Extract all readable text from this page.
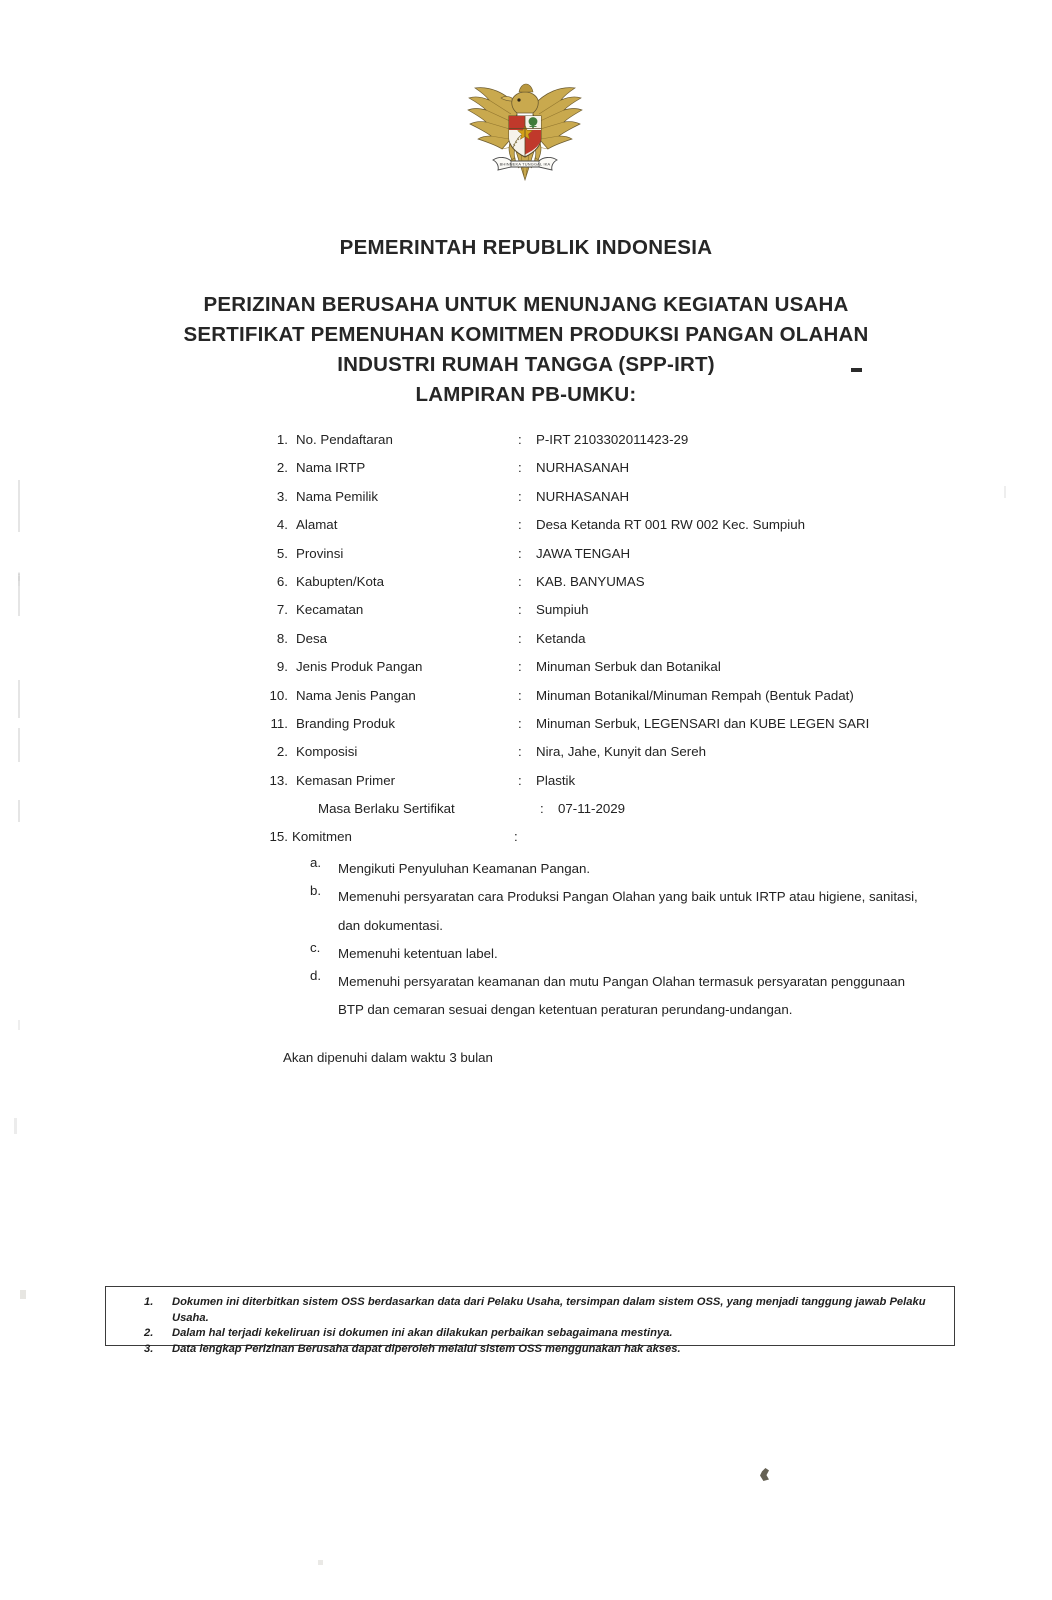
BHINNEKA TUNGGAL IKA
PEMERINTAH REPUBLIK INDONESIA
PERIZINAN BERUSAHA UNTUK MENUNJANG KEGIATAN USAHA
SERTIFIKAT PEMENUHAN KOMITMEN PRODUKSI PANGAN OLAHAN
INDUSTRI RUMAH TANGGA (SPP-IRT)
LAMPIRAN PB-UMKU:
1. No. Pendaftaran	:	P-IRT 2103302011423-29
2. Nama IRTP	:	NURHASANAH
3. Nama Pemilik	:	NURHASANAH
4. Alamat	:	Desa Ketanda RT 001 RW 002 Kec. Sumpiuh
5. Provinsi	:	JAWA TENGAH
6. Kabupten/Kota	:	KAB. BANYUMAS
7. Kecamatan	:	Sumpiuh
8. Desa	:	Ketanda
9. Jenis Produk Pangan	:	Minuman Serbuk dan Botanikal
10. Nama Jenis Pangan	:	Minuman Botanikal/Minuman Rempah (Bentuk Padat)
11. Branding Produk	:	Minuman Serbuk, LEGENSARI dan KUBE LEGEN SARI
2. Komposisi	:	Nira, Jahe, Kunyit dan Sereh
13. Kemasan Primer	:	Plastik
Masa Berlaku Sertifikat	:	07-11-2029
15. Komitmen	:
a.	Mengikuti Penyuluhan Keamanan Pangan.
b.	Memenuhi persyaratan cara Produksi Pangan Olahan yang baik untuk IRTP atau higiene, sanitasi, dan dokumentasi.
c.	Memenuhi ketentuan label.
d.	Memenuhi persyaratan keamanan dan mutu Pangan Olahan termasuk persyaratan penggunaan BTP dan cemaran sesuai dengan ketentuan peraturan perundang-undangan.
Akan dipenuhi dalam waktu 3 bulan
1.	Dokumen ini diterbitkan sistem OSS berdasarkan data dari Pelaku Usaha, tersimpan dalam sistem OSS, yang menjadi tanggung jawab Pelaku Usaha.
2.	Dalam hal terjadi kekeliruan isi dokumen ini akan dilakukan perbaikan sebagaimana mestinya.
3.	Data lengkap Perizinan Berusaha dapat diperoleh melalui sistem OSS menggunakan hak akses.
